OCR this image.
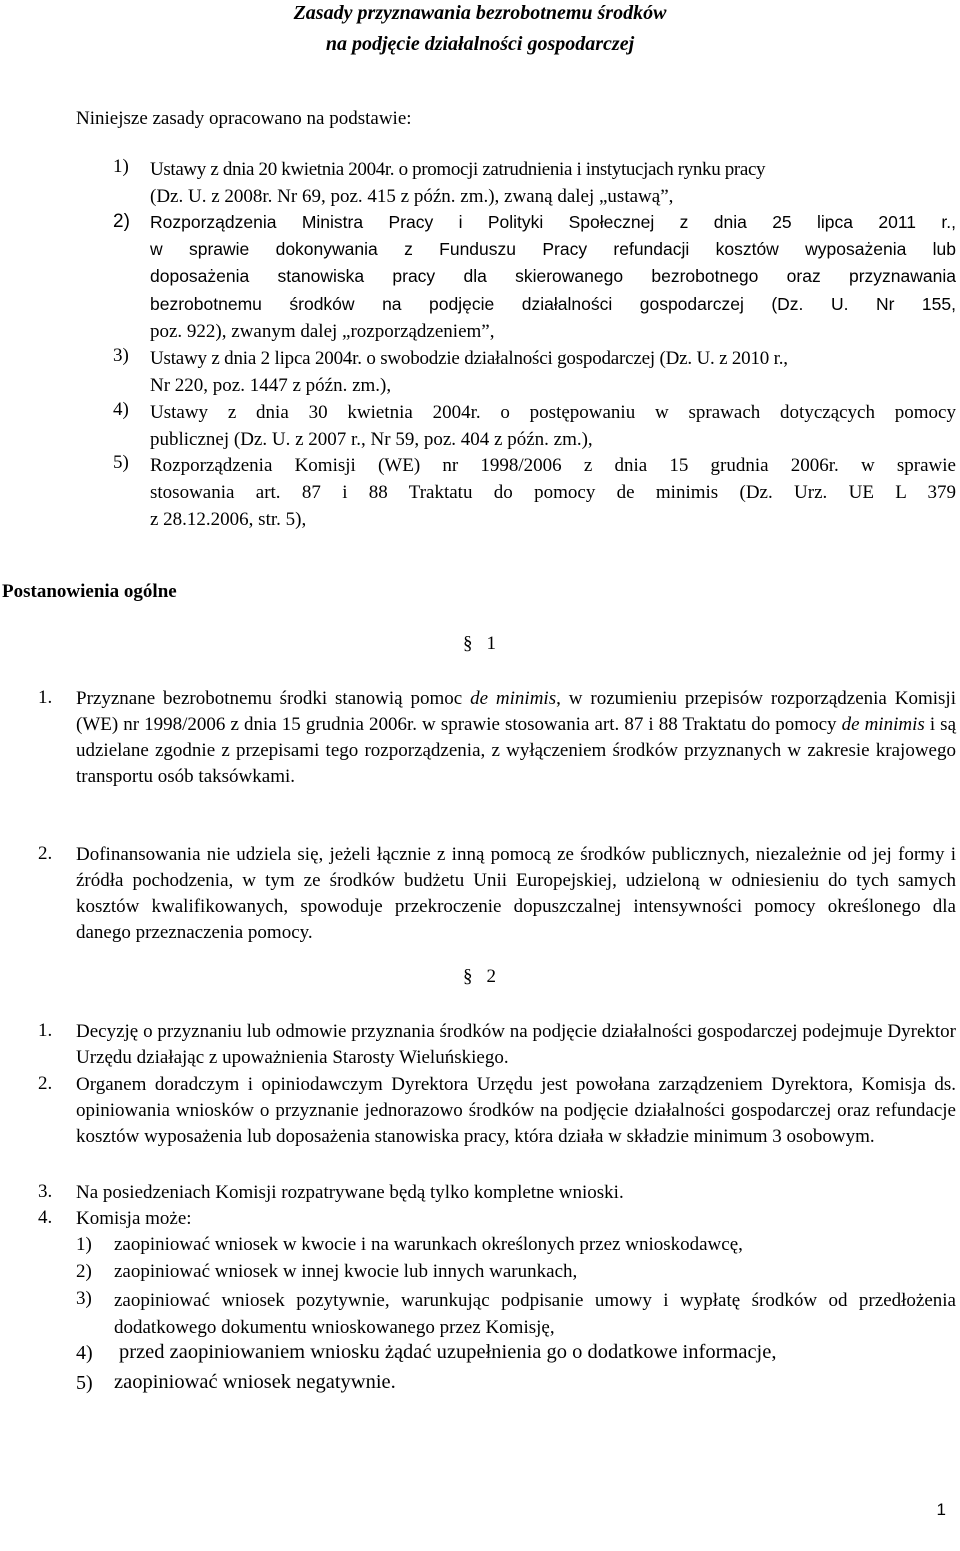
Zasady przyznawania bezrobotnemu środków
na podjęcie działalności gospodarczej
Niniejsze zasady opracowano na podstawie:
1) Ustawy z dnia 20 kwietnia 2004r. o promocji zatrudnienia i instytucjach rynku pracy
(Dz. U. z 2008r. Nr 69, poz. 415 z późn. zm.), zwaną dalej „ustawą”,
2) Rozporządzenia Ministra Pracy i Polityki Społecznej z dnia 25 lipca 2011 r.,
w sprawie dokonywania z Funduszu Pracy refundacji kosztów wyposażenia lub
doposażenia stanowiska pracy dla skierowanego bezrobotnego oraz przyznawania
bezrobotnemu środków na podjęcie działalności gospodarczej (Dz. U. Nr 155,
poz. 922), zwanym dalej „rozporządzeniem”,
3) Ustawy z dnia 2 lipca 2004r. o swobodzie działalności gospodarczej (Dz. U. z 2010 r.,
Nr 220, poz. 1447 z późn. zm.),
4) Ustawy z dnia 30 kwietnia 2004r. o postępowaniu w sprawach dotyczących pomocy
publicznej (Dz. U. z 2007 r., Nr 59, poz. 404 z późn. zm.),
5) Rozporządzenia Komisji (WE) nr 1998/2006 z dnia 15 grudnia 2006r. w sprawie
stosowania art. 87 i 88 Traktatu do pomocy de minimis (Dz. Urz. UE L 379
z 28.12.2006, str. 5),
Postanowienia ogólne
§ 1
1. Przyznane bezrobotnemu środki stanowią pomoc de minimis, w rozumieniu przepisów rozporządzenia Komisji (WE) nr 1998/2006 z dnia 15 grudnia 2006r. w sprawie stosowania art. 87 i 88 Traktatu do pomocy de minimis i są udzielane zgodnie z przepisami tego rozporządzenia, z wyłączeniem środków przyznanych w zakresie krajowego transportu osób taksówkami.
2. Dofinansowania nie udziela się, jeżeli łącznie z inną pomocą ze środków publicznych, niezależnie od jej formy i źródła pochodzenia, w tym ze środków budżetu Unii Europejskiej, udzieloną w odniesieniu do tych samych kosztów kwalifikowanych, spowoduje przekroczenie dopuszczalnej intensywności pomocy określonego dla danego przeznaczenia pomocy.
§ 2
1. Decyzję o przyznaniu lub odmowie przyznania środków na podjęcie działalności gospodarczej podejmuje Dyrektor Urzędu działając z upoważnienia Starosty Wieluńskiego.
2. Organem doradczym i opiniodawczym Dyrektora Urzędu jest powołana zarządzeniem Dyrektora, Komisja ds. opiniowania wniosków o przyznanie jednorazowo środków na podjęcie działalności gospodarczej oraz refundacje kosztów wyposażenia lub doposażenia stanowiska pracy, która działa w składzie minimum 3 osobowym.
3. Na posiedzeniach Komisji rozpatrywane będą tylko kompletne wnioski.
4. Komisja może:
1) zaopiniować wniosek w kwocie i na warunkach określonych przez wnioskodawcę,
2) zaopiniować wniosek w innej kwocie lub innych warunkach,
3) zaopiniować wniosek pozytywnie, warunkując podpisanie umowy i wypłatę środków od przedłożenia dodatkowego dokumentu wnioskowanego przez Komisję,
4) przed zaopiniowaniem wniosku żądać uzupełnienia go o dodatkowe informacje,
5) zaopiniować wniosek negatywnie.
1
